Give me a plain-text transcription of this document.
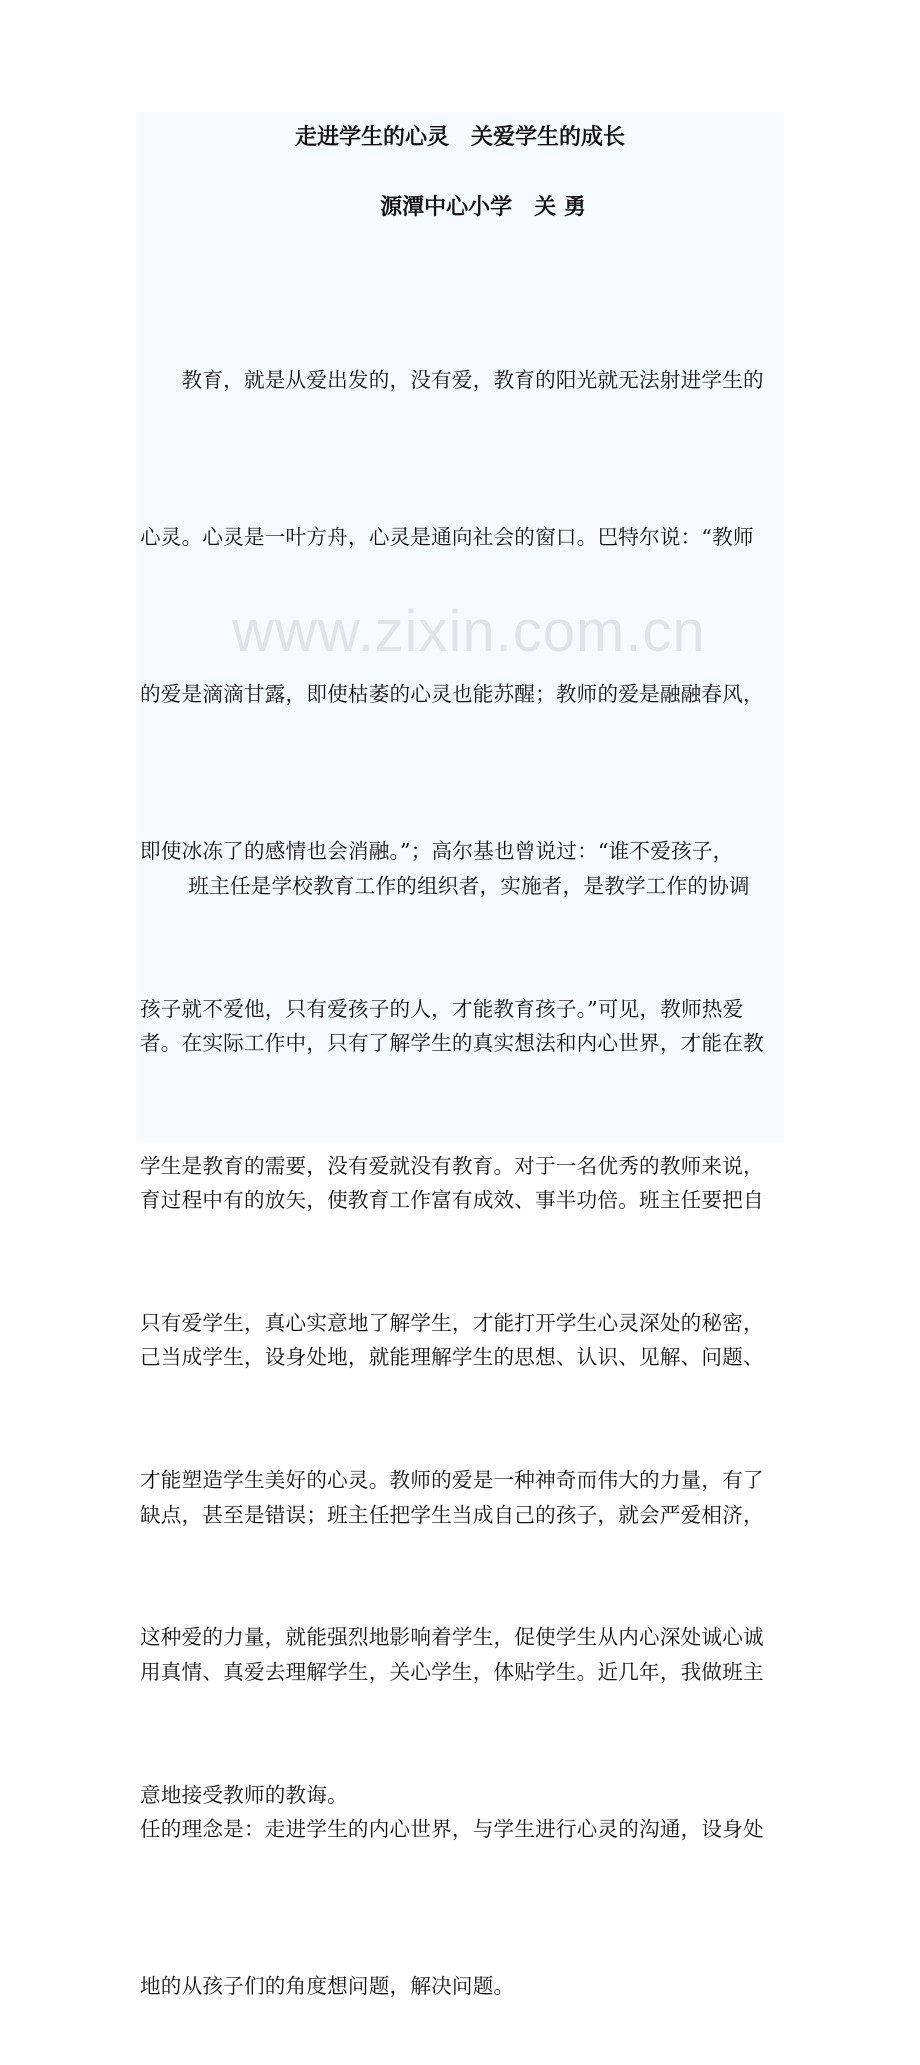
走进学生的心灵　关爱学生的成长
源潭中心小学　关 勇

　　教育，就是从爱出发的，没有爱，教育的阳光就无法射进学生的

心灵。心灵是一叶方舟，心灵是通向社会的窗口。巴特尔说：“教师

的爱是滴滴甘露，即使枯萎的心灵也能苏醒；教师的爱是融融春风，

即使冰冻了的感情也会消融。”；高尔基也曾说过：“谁不爱孩子，

孩子就不爱他，只有爱孩子的人，才能教育孩子。”可见，教师热爱

学生是教育的需要，没有爱就没有教育。对于一名优秀的教师来说，

只有爱学生，真心实意地了解学生，才能打开学生心灵深处的秘密，

才能塑造学生美好的心灵。教师的爱是一种神奇而伟大的力量，有了

这种爱的力量，就能强烈地影响着学生，促使学生从内心深处诚心诚

意地接受教师的教诲。

　　 班主任是学校教育工作的组织者，实施者，是教学工作的协调

者。在实际工作中，只有了解学生的真实想法和内心世界，才能在教

育过程中有的放矢，使教育工作富有成效、事半功倍。班主任要把自

己当成学生，设身处地，就能理解学生的思想、认识、见解、问题、

缺点，甚至是错误；班主任把学生当成自己的孩子，就会严爱相济，

用真情、真爱去理解学生，关心学生，体贴学生。近几年，我做班主

任的理念是：走进学生的内心世界，与学生进行心灵的沟通，设身处

地的从孩子们的角度想问题，解决问题。

www.zixin.com.cn
